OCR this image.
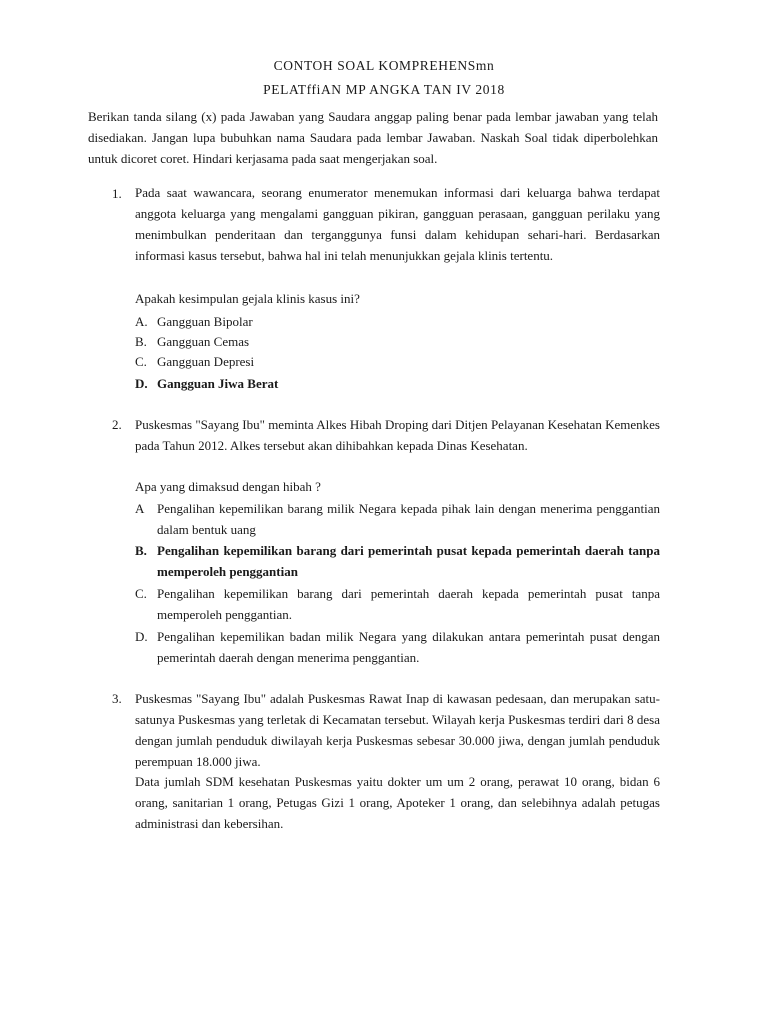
CONTOH SOAL KOMPREHENSmn
PELATffiAN MP ANGKA TAN IV 2018
Berikan tanda silang (x) pada Jawaban yang Saudara anggap paling benar pada lembar jawaban yang telah disediakan. Jangan lupa bubuhkan nama Saudara pada lembar Jawaban. Naskah Soal tidak diperbolehkan untuk dicoret coret. Hindari kerjasama pada saat mengerjakan soal.
1. Pada saat wawancara, seorang enumerator menemukan informasi dari keluarga bahwa terdapat anggota keluarga yang mengalami gangguan pikiran, gangguan perasaan, gangguan perilaku yang menimbulkan penderitaan dan terganggunya funsi dalam kehidupan sehari-hari. Berdasarkan informasi kasus tersebut, bahwa hal ini telah menunjukkan gejala klinis tertentu.
Apakah kesimpulan gejala klinis kasus ini?
A. Gangguan Bipolar
B. Gangguan Cemas
C. Gangguan Depresi
D. Gangguan Jiwa Berat
2. Puskesmas "Sayang Ibu" meminta Alkes Hibah Droping dari Ditjen Pelayanan Kesehatan Kemenkes pada Tahun 2012. Alkes tersebut akan dihibahkan kepada Dinas Kesehatan.
Apa yang dimaksud dengan hibah ?
A Pengalihan kepemilikan barang milik Negara kepada pihak lain dengan menerima penggantian dalam bentuk uang
B. Pengalihan kepemilikan barang dari pemerintah pusat kepada pemerintah daerah tanpa memperoleh penggantian
C. Pengalihan kepemilikan barang dari pemerintah daerah kepada pemerintah pusat tanpa memperoleh penggantian.
D. Pengalihan kepemilikan badan milik Negara yang dilakukan antara pemerintah pusat dengan pemerintah daerah dengan menerima penggantian.
3. Puskesmas "Sayang Ibu" adalah Puskesmas Rawat Inap di kawasan pedesaan, dan merupakan satu-satunya Puskesmas yang terletak di Kecamatan tersebut. Wilayah kerja Puskesmas terdiri dari 8 desa dengan jumlah penduduk diwilayah kerja Puskesmas sebesar 30.000 jiwa, dengan jumlah penduduk perempuan 18.000 jiwa.
Data jumlah SDM kesehatan Puskesmas yaitu dokter um um 2 orang, perawat 10 orang, bidan 6 orang, sanitarian 1 orang, Petugas Gizi 1 orang, Apoteker 1 orang, dan selebihnya adalah petugas administrasi dan kebersihan.
